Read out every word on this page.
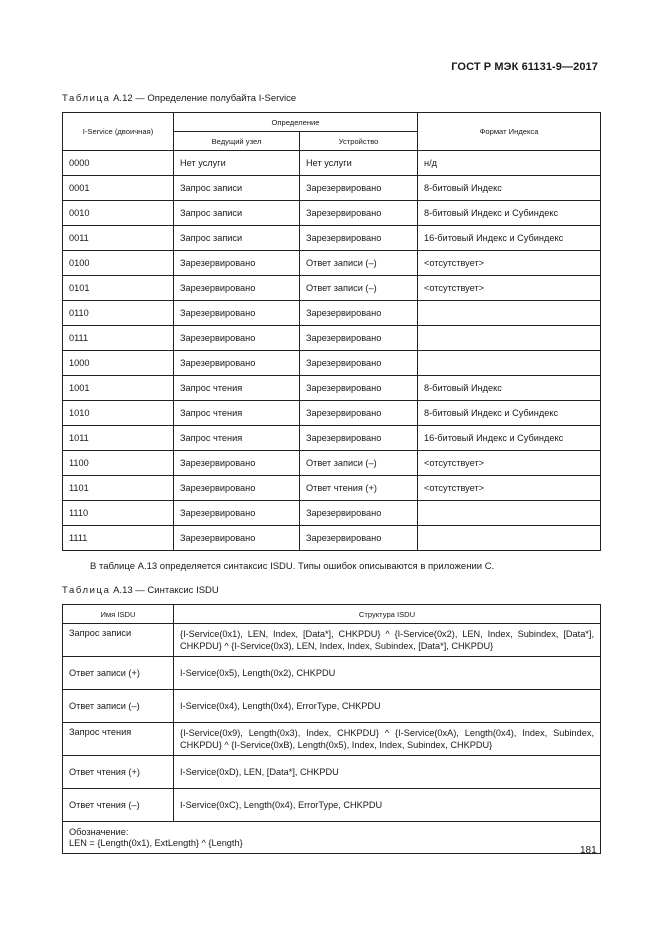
ГОСТ Р МЭК 61131-9—2017
Таблица А.12 — Определение полубайта I-Service
I-Service (двоичная)	Определение		Формат Индекса
	Ведущий узел	Устройство	
0000	Нет услуги	Нет услуги	н/д
0001	Запрос записи	Зарезервировано	8-битовый Индекс
0010	Запрос записи	Зарезервировано	8-битовый Индекс и Субиндекс
0011	Запрос записи	Зарезервировано	16-битовый Индекс и Субиндекс
0100	Зарезервировано	Ответ записи (–)	<отсутствует>
0101	Зарезервировано	Ответ записи (–)	<отсутствует>
0110	Зарезервировано	Зарезервировано	
0111	Зарезервировано	Зарезервировано	
1000	Зарезервировано	Зарезервировано	
1001	Запрос чтения	Зарезервировано	8-битовый Индекс
1010	Запрос чтения	Зарезервировано	8-битовый Индекс и Субиндекс
1011	Запрос чтения	Зарезервировано	16-битовый Индекс и Субиндекс
1100	Зарезервировано	Ответ записи (–)	<отсутствует>
1101	Зарезервировано	Ответ чтения (+)	<отсутствует>
1110	Зарезервировано	Зарезервировано	
1111	Зарезервировано	Зарезервировано	
В таблице А.13 определяется синтаксис ISDU. Типы ошибок описываются в приложении С.
Таблица А.13 — Синтаксис ISDU
Имя ISDU	Структура ISDU
Запрос записи	{I-Service(0x1), LEN, Index, [Data*], CHKPDU} ^ {I-Service(0x2), LEN, Index, Subindex, [Data*], CHKPDU} ^ {I-Service(0x3), LEN, Index, Index, Subindex, [Data*], CHKPDU}
Ответ записи (+)	I-Service(0x5), Length(0x2), CHKPDU
Ответ записи (–)	I-Service(0x4), Length(0x4), ErrorType, CHKPDU
Запрос чтения	{I-Service(0x9), Length(0x3), Index, CHKPDU} ^ {I-Service(0xA), Length(0x4), Index, Subindex, CHKPDU} ^ {I-Service(0xB), Length(0x5), Index, Index, Subindex, CHKPDU}
Ответ чтения (+)	I-Service(0xD), LEN, [Data*], CHKPDU
Ответ чтения (–)	I-Service(0xC), Length(0x4), ErrorType, CHKPDU

Обозначение:
LEN = {Length(0x1), ExtLength} ^ {Length}	
181
